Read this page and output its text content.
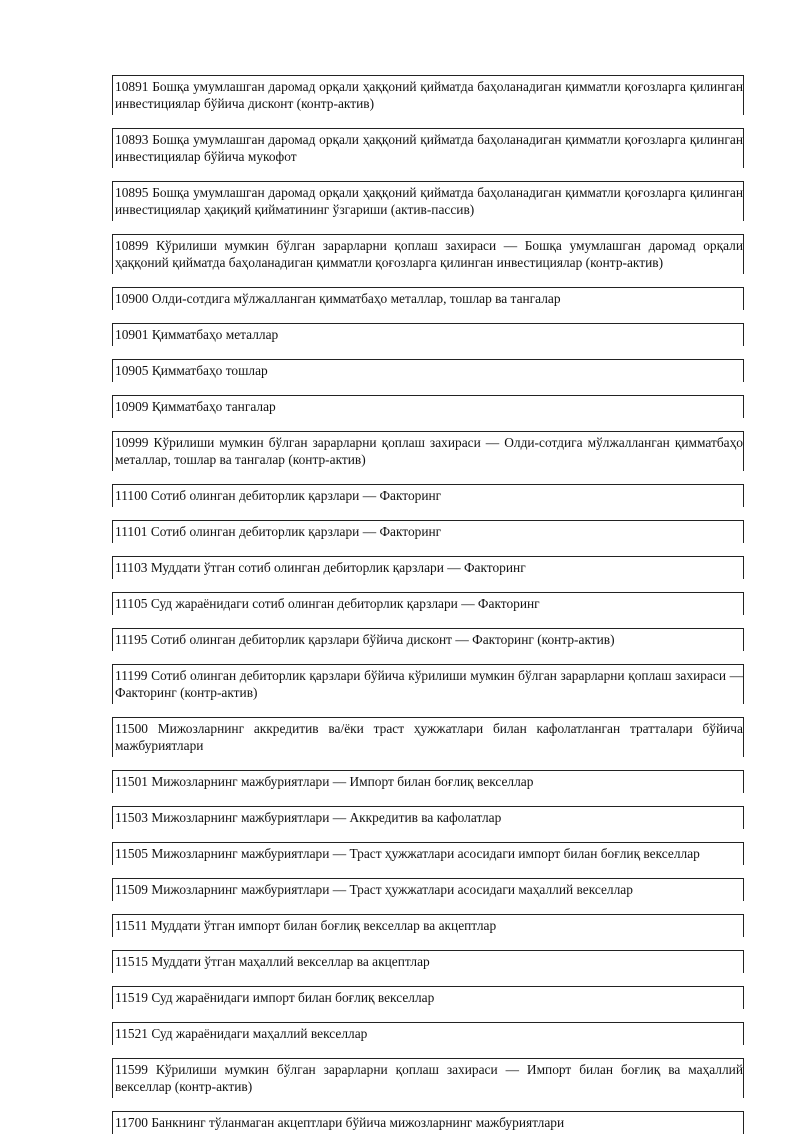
10891 Бошқа умумлашган даромад орқали ҳаққоний қийматда баҳоланадиган қимматли қоғозларга қилинган инвестициялар бўйича дисконт (контр-актив)
10893 Бошқа умумлашган даромад орқали ҳаққоний қийматда баҳоланадиган қимматли қоғозларга қилинган инвестициялар бўйича мукофот
10895 Бошқа умумлашган даромад орқали ҳаққоний қийматда баҳоланадиган қимматли қоғозларга қилинган инвестициялар ҳақиқий қийматининг ўзгариши (актив-пассив)
10899 Кўрилиши мумкин бўлган зарарларни қоплаш захираси — Бошқа умумлашган даромад орқали ҳаққоний қийматда баҳоланадиган қимматли қоғозларга қилинган инвестициялар (контр-актив)
10900 Олди-сотдига мўлжалланган қимматбаҳо металлар, тошлар ва тангалар
10901 Қимматбаҳо металлар
10905 Қимматбаҳо тошлар
10909 Қимматбаҳо тангалар
10999 Кўрилиши мумкин бўлган зарарларни қоплаш захираси — Олди-сотдига мўлжалланган қимматбаҳо металлар, тошлар ва тангалар (контр-актив)
11100 Сотиб олинган дебиторлик қарзлари — Факторинг
11101 Сотиб олинган дебиторлик қарзлари — Факторинг
11103 Муддати ўтган сотиб олинган дебиторлик қарзлари — Факторинг
11105 Суд жараёнидаги сотиб олинган дебиторлик қарзлари — Факторинг
11195 Сотиб олинган дебиторлик қарзлари бўйича дисконт — Факторинг (контр-актив)
11199 Сотиб олинган дебиторлик қарзлари бўйича кўрилиши мумкин бўлган зарарларни қоплаш захираси — Факторинг (контр-актив)
11500 Мижозларнинг аккредитив ва/ёки траст ҳужжатлари билан кафолатланган тратталари бўйича мажбуриятлари
11501 Мижозларнинг мажбуриятлари — Импорт билан боғлиқ векселлар
11503 Мижозларнинг мажбуриятлари — Аккредитив ва кафолатлар
11505 Мижозларнинг мажбуриятлари — Траст ҳужжатлари асосидаги импорт билан боғлиқ векселлар
11509 Мижозларнинг мажбуриятлари — Траст ҳужжатлари асосидаги маҳаллий векселлар
11511 Муддати ўтган импорт билан боғлиқ векселлар ва акцептлар
11515 Муддати ўтган маҳаллий векселлар ва акцептлар
11519 Суд жараёнидаги импорт билан боғлиқ векселлар
11521 Суд жараёнидаги маҳаллий векселлар
11599 Кўрилиши мумкин бўлган зарарларни қоплаш захираси — Импорт билан боғлиқ ва маҳаллий векселлар (контр-актив)
11700 Банкнинг тўланмаган акцептлари бўйича мижозларнинг мажбуриятлари
